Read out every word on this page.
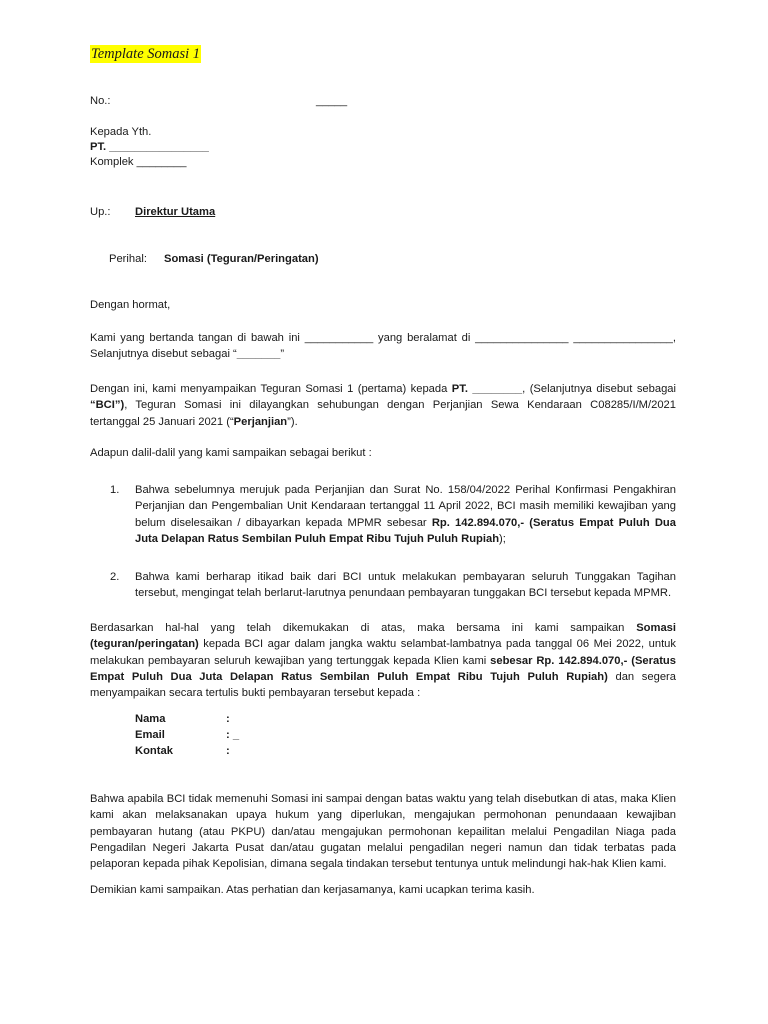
Template Somasi 1
No.:	_____
Kepada Yth.
PT. ________________
Komplek ________
Up.: Direktur Utama
Perihal: Somasi (Teguran/Peringatan)
Dengan hormat,
Kami yang bertanda tangan di bawah ini ___________ yang beralamat di _______________ ________________, Selanjutnya disebut sebagai “_______”
Dengan ini, kami menyampaikan Teguran Somasi 1 (pertama) kepada PT. ________, (Selanjutnya disebut sebagai “BCI”), Teguran Somasi ini dilayangkan sehubungan dengan Perjanjian Sewa Kendaraan C08285/I/M/2021 tertanggal 25 Januari 2021 (“Perjanjian”).
Adapun dalil-dalil yang kami sampaikan sebagai berikut :
1. Bahwa sebelumnya merujuk pada Perjanjian dan Surat No. 158/04/2022 Perihal Konfirmasi Pengakhiran Perjanjian dan Pengembalian Unit Kendaraan tertanggal 11 April 2022, BCI masih memiliki kewajiban yang belum diselesaikan / dibayarkan kepada MPMR sebesar Rp. 142.894.070,- (Seratus Empat Puluh Dua Juta Delapan Ratus Sembilan Puluh Empat Ribu Tujuh Puluh Rupiah);
2. Bahwa kami berharap itikad baik dari BCI untuk melakukan pembayaran seluruh Tunggakan Tagihan tersebut, mengingat telah berlarut-larutnya penundaan pembayaran tunggakan BCI tersebut kepada MPMR.
Berdasarkan hal-hal yang telah dikemukakan di atas, maka bersama ini kami sampaikan Somasi (teguran/peringatan) kepada BCI agar dalam jangka waktu selambat-lambatnya pada tanggal 06 Mei 2022, untuk melakukan pembayaran seluruh kewajiban yang tertunggak kepada Klien kami sebesar Rp. 142.894.070,- (Seratus Empat Puluh Dua Juta Delapan Ratus Sembilan Puluh Empat Ribu Tujuh Puluh Rupiah) dan segera menyampaikan secara tertulis bukti pembayaran tersebut kepada :
Nama	:
Email	: _
Kontak	:
Bahwa apabila BCI tidak memenuhi Somasi ini sampai dengan batas waktu yang telah disebutkan di atas, maka Klien kami akan melaksanakan upaya hukum yang diperlukan, mengajukan permohonan penundaaan kewajiban pembayaran hutang (atau PKPU) dan/atau mengajukan permohonan kepailitan melalui Pengadilan Niaga pada Pengadilan Negeri Jakarta Pusat dan/atau gugatan melalui pengadilan negeri namun dan tidak terbatas pada pelaporan kepada pihak Kepolisian, dimana segala tindakan tersebut tentunya untuk melindungi hak-hak Klien kami.
Demikian kami sampaikan. Atas perhatian dan kerjasamanya, kami ucapkan terima kasih.
